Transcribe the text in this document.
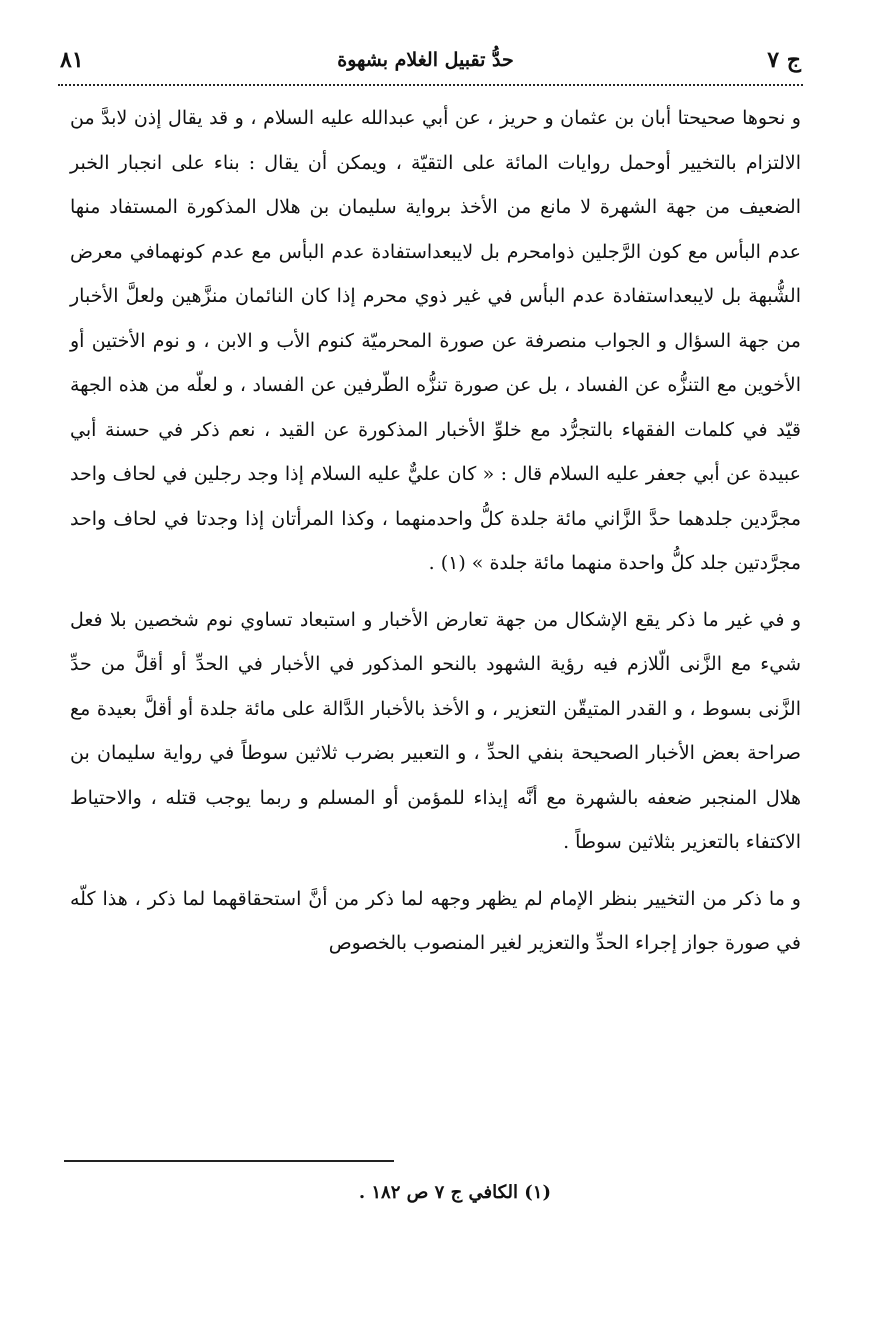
ج ٧
حدُّ تقبيل الغلام بشهوة
٨١

و نحوها صحيحتا أبان بن عثمان و حريز ، عن أبي عبدالله عليه السلام ، و قد يقال إذن لابدَّ من الالتزام بالتخيير أوحمل روايات المائة على التقيّة ، ويمكن أن يقال : بناء على انجبار الخبر الضعيف من جهة الشهرة لا مانع من الأخذ برواية سليمان بن هلال المذكورة المستفاد منها عدم البأس مع كون الرَّجلين ذوامحرم بل لايبعداستفادة عدم البأس مع عدم كونهمافي معرض الشُّبهة بل لايبعداستفادة عدم البأس في غير ذوي محرم إذا كان النائمان منزَّهين ولعلَّ الأخبار من جهة السؤال و الجواب منصرفة عن صورة المحرميّة كنوم الأب و الابن ، و نوم الأختين أو الأخوين مع التنزُّه عن الفساد ، بل عن صورة تنزُّه الطّرفين عن الفساد ، و لعلّه من هذه الجهة قيّد في كلمات الفقهاء بالتجرُّد مع خلوِّ الأخبار المذكورة عن القيد ، نعم ذكر في حسنة أبي عبيدة عن أبي جعفر عليه السلام قال : « كان عليٌّ عليه السلام إذا وجد رجلين في لحاف واحد مجرَّدين جلدهما حدَّ الزَّاني مائة جلدة كلُّ واحدمنهما ، وكذا المرأتان إذا وجدتا في لحاف واحد مجرَّدتين جلد كلُّ واحدة منهما مائة جلدة » (١) .

و في غير ما ذكر يقع الإشكال من جهة تعارض الأخبار و استبعاد تساوي نوم شخصين بلا فعل شيء مع الزَّنى الّلازم فيه رؤية الشهود بالنحو المذكور في الأخبار في الحدِّ أو أقلَّ من حدِّ الزَّنى بسوط ، و القدر المتيقّن التعزير ، و الأخذ بالأخبار الدَّالة على مائة جلدة أو أقلَّ بعيدة مع صراحة بعض الأخبار الصحيحة بنفي الحدِّ ، و التعبير بضرب ثلاثين سوطاً في رواية سليمان بن هلال المنجبر ضعفه بالشهرة مع أنَّه إيذاء للمؤمن أو المسلم و ربما يوجب قتله ، والاحتياط الاكتفاء بالتعزير بثلاثين سوطاً .

و ما ذكر من التخيير بنظر الإمام لم يظهر وجهه لما ذكر من أنَّ استحقاقهما لما ذكر ، هذا كلّه في صورة جواز إجراء الحدِّ والتعزير لغير المنصوب بالخصوص

(١) الكافي ج ٧ ص ١٨٢ .
